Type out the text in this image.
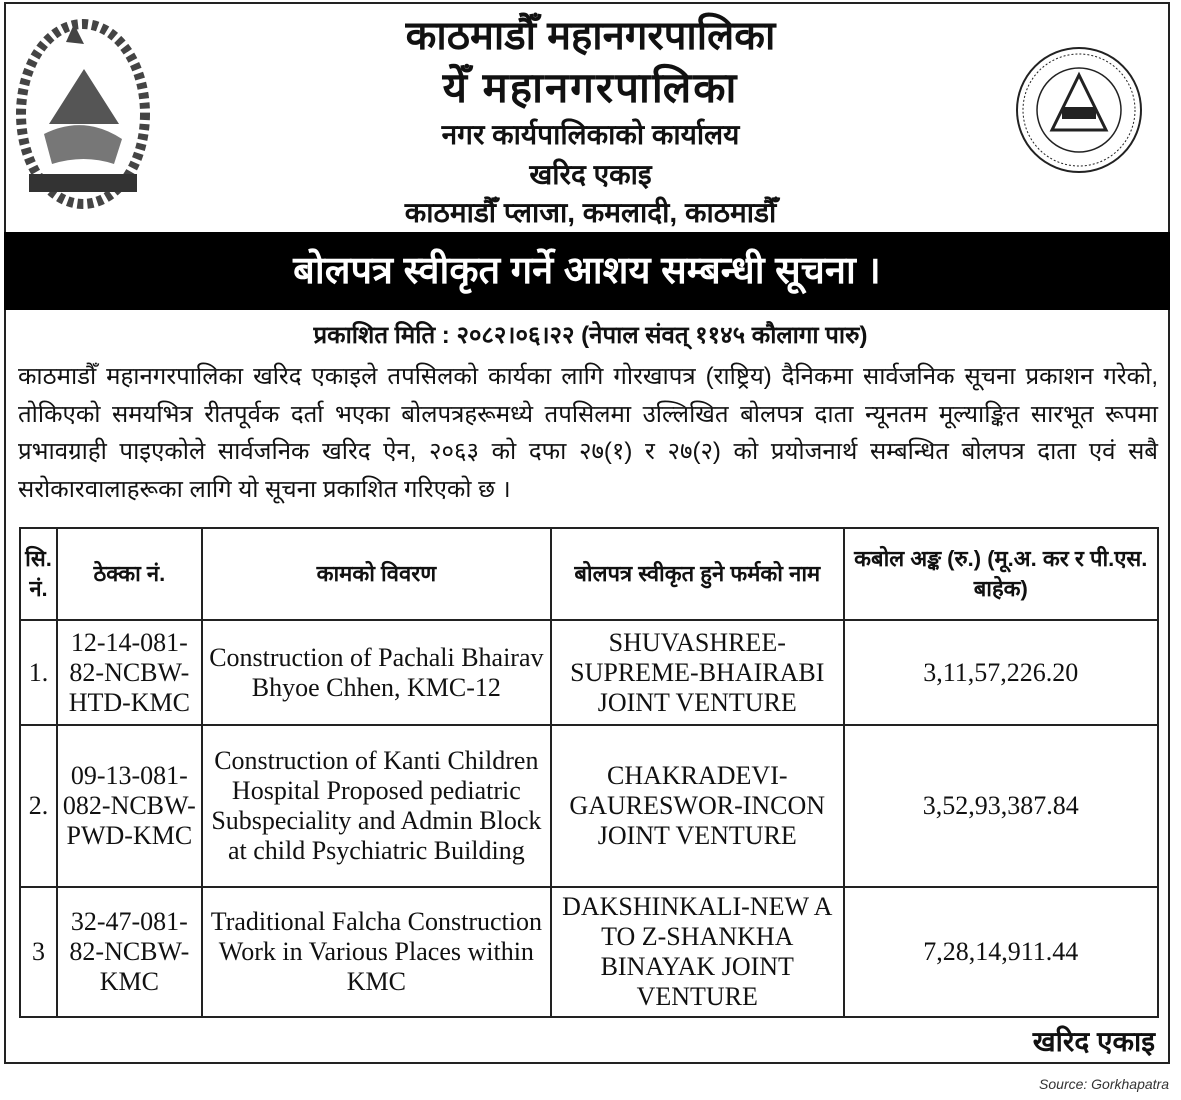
काठमाडौँ महानगरपालिका
येँ महानगरपालिका
नगर कार्यपालिकाको कार्यालय
खरिद एकाइ
काठमाडौँ प्लाजा, कमलादी, काठमाडौँ
बोलपत्र स्वीकृत गर्ने आशय सम्बन्धी सूचना ।
प्रकाशित मिति : २०८२।०६।२२ (नेपाल संवत् ११४५ कौलागा पारु)
काठमाडौँ महानगरपालिका खरिद एकाइले तपसिलको कार्यका लागि गोरखापत्र (राष्ट्रिय) दैनिकमा सार्वजनिक सूचना प्रकाशन गरेको, तोकिएको समयभित्र रीतपूर्वक दर्ता भएका बोलपत्रहरूमध्ये तपसिलमा उल्लिखित बोलपत्र दाता न्यूनतम मूल्याङ्कित सारभूत रूपमा प्रभावग्राही पाइएकोले सार्वजनिक खरिद ऐन, २०६३ को दफा २७(१) र २७(२) को प्रयोजनार्थ सम्बन्धित बोलपत्र दाता एवं सबै सरोकारवालाहरूका लागि यो सूचना प्रकाशित गरिएको छ ।
सि. नं.	ठेक्का नं.	कामको विवरण	बोलपत्र स्वीकृत हुने फर्मको नाम	कबोल अङ्क (रु.) (मू.अ. कर र पी.एस. बाहेक)
1.	12-14-081-82-NCBW-HTD-KMC	Construction of Pachali Bhairav Bhyoe Chhen, KMC-12	SHUVASHREE-SUPREME-BHAIRABI JOINT VENTURE	3,11,57,226.20
2.	09-13-081-082-NCBW-PWD-KMC	Construction of Kanti Children Hospital Proposed pediatric Subspeciality and Admin Block at child Psychiatric Building	CHAKRADEVI-GAURESWOR-INCON JOINT VENTURE	3,52,93,387.84
3	32-47-081-82-NCBW-KMC	Traditional Falcha Construction Work in Various Places within KMC	DAKSHINKALI-NEW A TO Z-SHANKHA BINAYAK JOINT VENTURE	7,28,14,911.44
खरिद एकाइ
Source: Gorkhapatra
